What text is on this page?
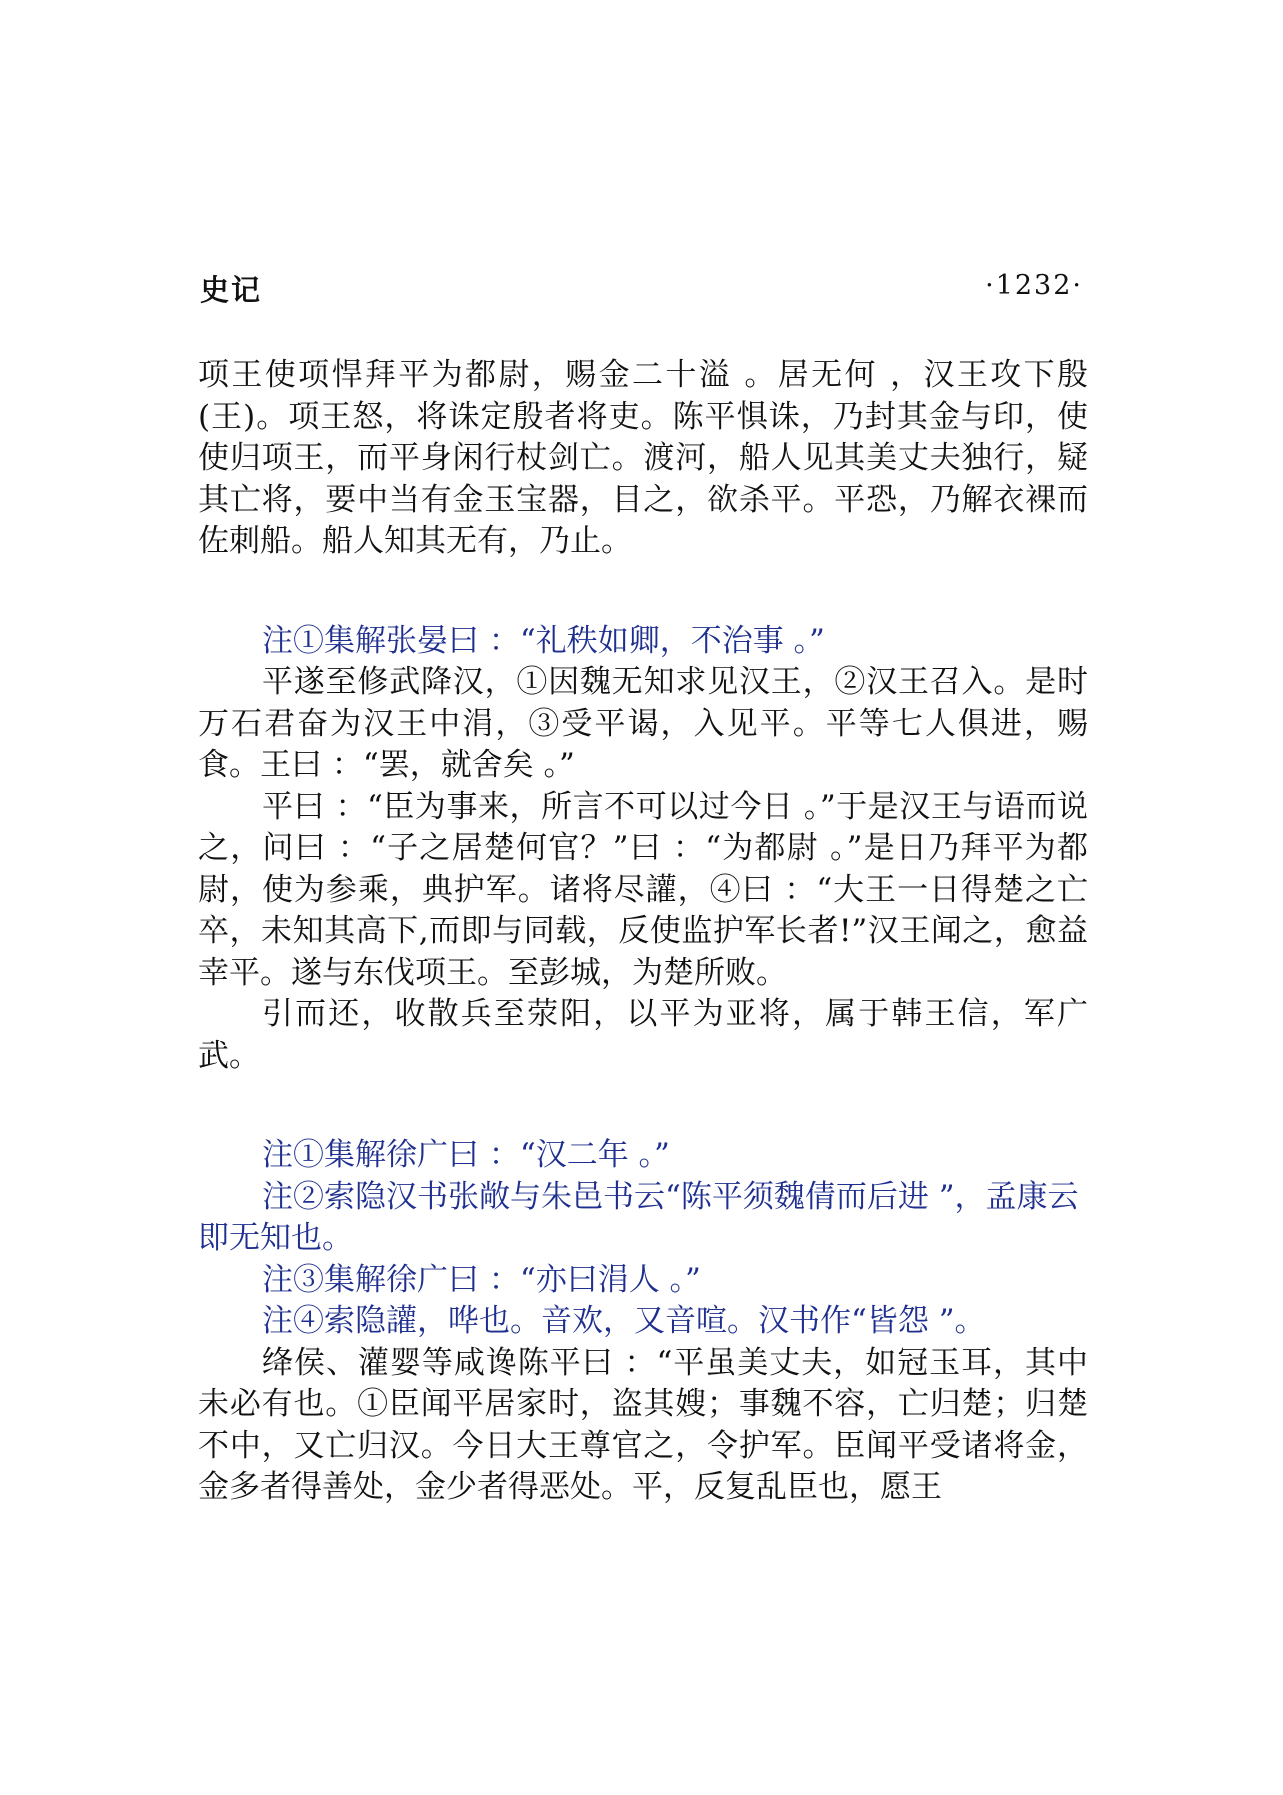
史记	·1232·

项王使项悍拜平为都尉，赐金二十溢 。居无何 ，汉王攻下殷(王)。项王怒，将诛定殷者将吏。陈平惧诛，乃封其金与印，使使归项王，而平身闲行杖剑亡。渡河，船人见其美丈夫独行，疑其亡将，要中当有金玉宝器，目之，欲杀平。平恐，乃解衣裸而佐刺船。船人知其无有，乃止。

注①集解张晏曰 ：“礼秩如卿，不治事 。”

平遂至修武降汉，①因魏无知求见汉王，②汉王召入。是时万石君奋为汉王中涓，③受平谒，入见平。平等七人俱进，赐食。王曰 ：“罢，就舍矣 。”

平曰 ：“臣为事来，所言不可以过今日 。”于是汉王与语而说之，问曰 ：“子之居楚何官？”曰 ：“为都尉 。”是日乃拜平为都尉，使为参乘，典护军。诸将尽讙，④曰 ：“大王一日得楚之亡卒，未知其高下,而即与同载，反使监护军长者!”汉王闻之，愈益幸平。遂与东伐项王。至彭城，为楚所败。

引而还，收散兵至荥阳，以平为亚将，属于韩王信，军广武。

注①集解徐广曰 ：“汉二年 。”

注②索隐汉书张敞与朱邑书云“陈平须魏倩而后进 ”，孟康云即无知也。

注③集解徐广曰 ：“亦曰涓人 。”

注④索隐讙，哗也。音欢，又音喧。汉书作“皆怨 ”。

绛侯、灌婴等咸谗陈平曰 ：“平虽美丈夫，如冠玉耳，其中未必有也。①臣闻平居家时，盗其嫂；事魏不容，亡归楚；归楚不中，又亡归汉。今日大王尊官之，令护军。臣闻平受诸将金，金多者得善处，金少者得恶处。平，反复乱臣也，愿王
